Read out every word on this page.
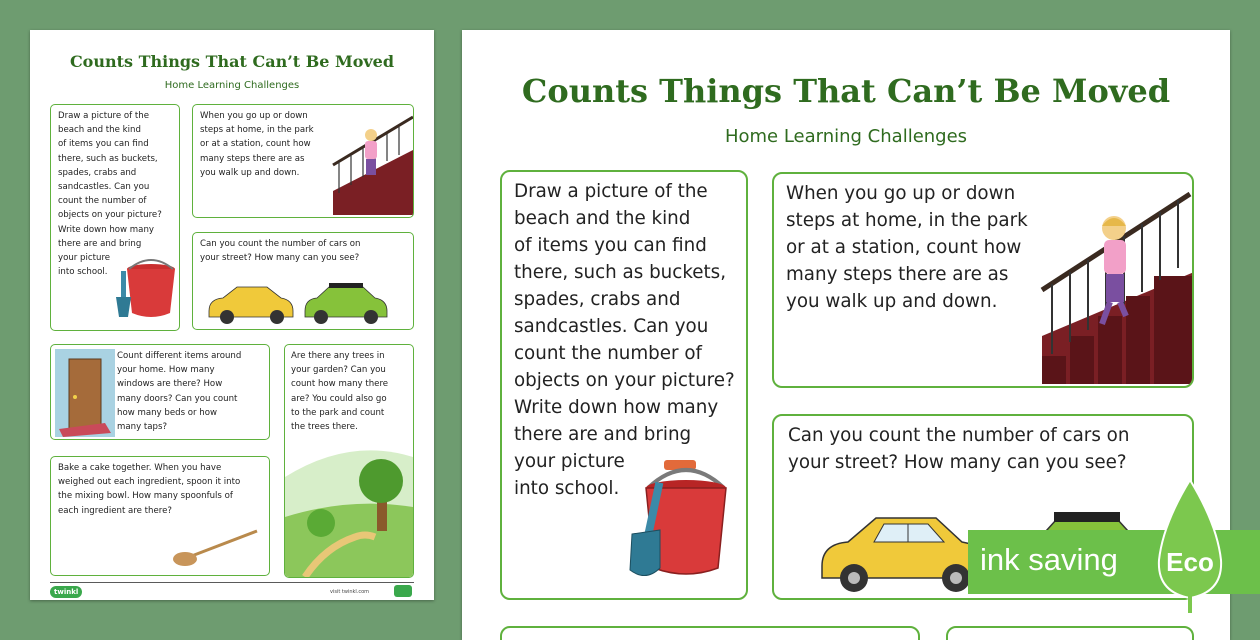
Counts Things That Can’t Be Moved
Home Learning Challenges
Draw a picture of the
beach and the kind
of items you can find
there, such as buckets,
spades, crabs and
sandcastles. Can you
count the number of
objects on your picture?
Write down how many
there are and bring
your picture
into school.
When you go up or down
steps at home, in the park
or at a station, count how
many steps there are as
you walk up and down.
Can you count the number of cars on
your street? How many can you see?
Count different items around
your home. How many
windows are there? How
many doors? Can you count
how many beds or how
many taps?
Are there any trees in
your garden? Can you
count how many there
are? You could also go
to the park and count
the trees there.
Bake a cake together. When you have
weighed out each ingredient, spoon it into
the mixing bowl. How many spoonfuls of
each ingredient are there?
twinkl	visit twinkl.com
Counts Things That Can’t Be Moved
Home Learning Challenges
Draw a picture of the
beach and the kind
of items you can find
there, such as buckets,
spades, crabs and
sandcastles. Can you
count the number of
objects on your picture?
Write down how many
there are and bring
your picture
into school.
When you go up or down
steps at home, in the park
or at a station, count how
many steps there are as
you walk up and down.
Can you count the number of cars on
your street? How many can you see?
ink saving Eco
